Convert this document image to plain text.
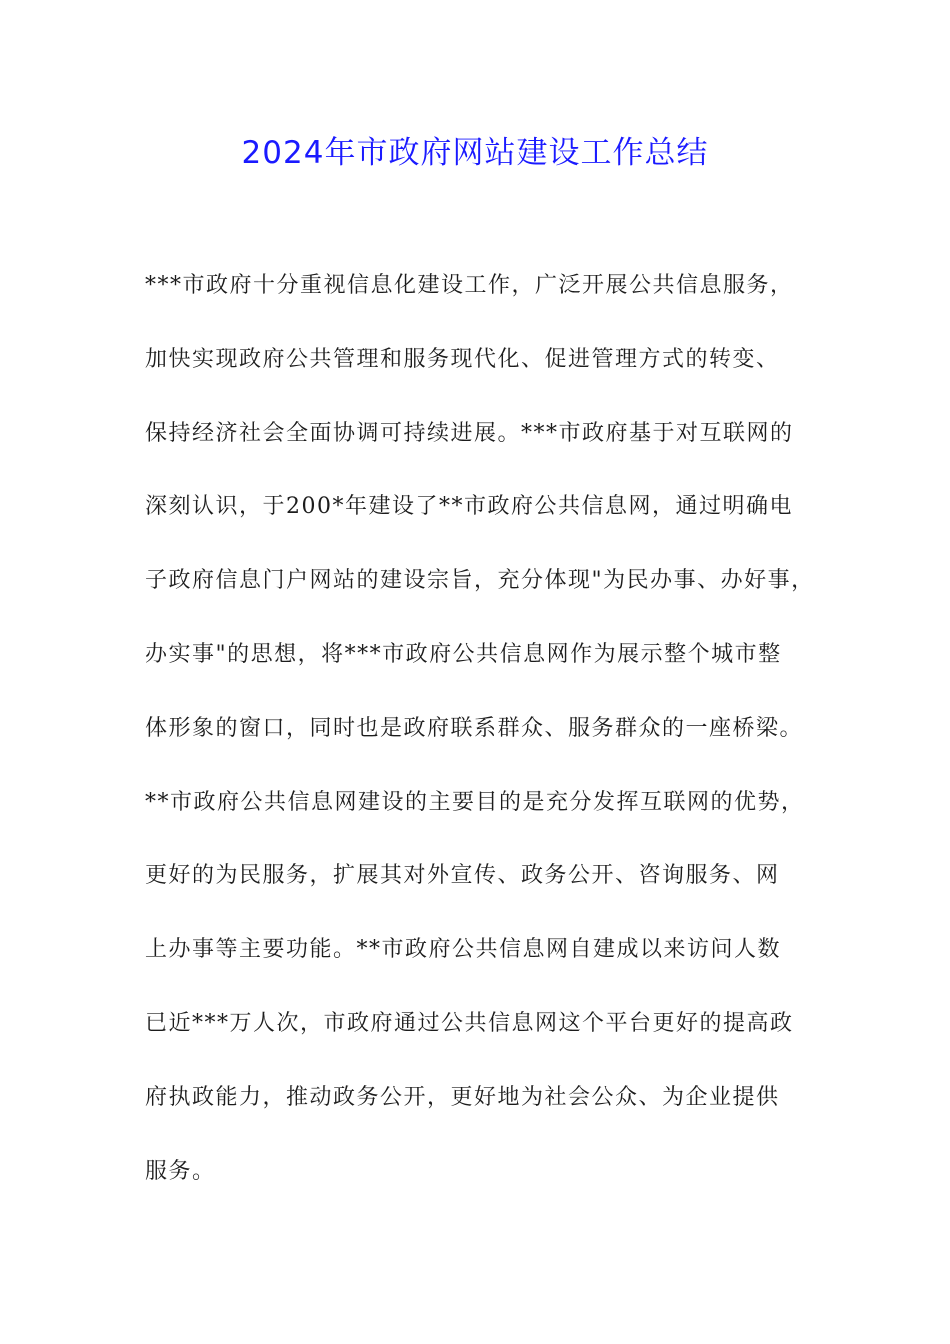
2024年市政府网站建设工作总结
***市政府十分重视信息化建设工作，广泛开展公共信息服务，
加快实现政府公共管理和服务现代化、促进管理方式的转变、
保持经济社会全面协调可持续进展。***市政府基于对互联网的
深刻认识，于200*年建设了**市政府公共信息网，通过明确电
子政府信息门户网站的建设宗旨，充分体现"为民办事、办好事，
办实事"的思想，将***市政府公共信息网作为展示整个城市整
体形象的窗口，同时也是政府联系群众、服务群众的一座桥梁。
**市政府公共信息网建设的主要目的是充分发挥互联网的优势，
更好的为民服务，扩展其对外宣传、政务公开、咨询服务、网
上办事等主要功能。**市政府公共信息网自建成以来访问人数
已近***万人次，市政府通过公共信息网这个平台更好的提高政
府执政能力，推动政务公开，更好地为社会公众、为企业提供
服务。
